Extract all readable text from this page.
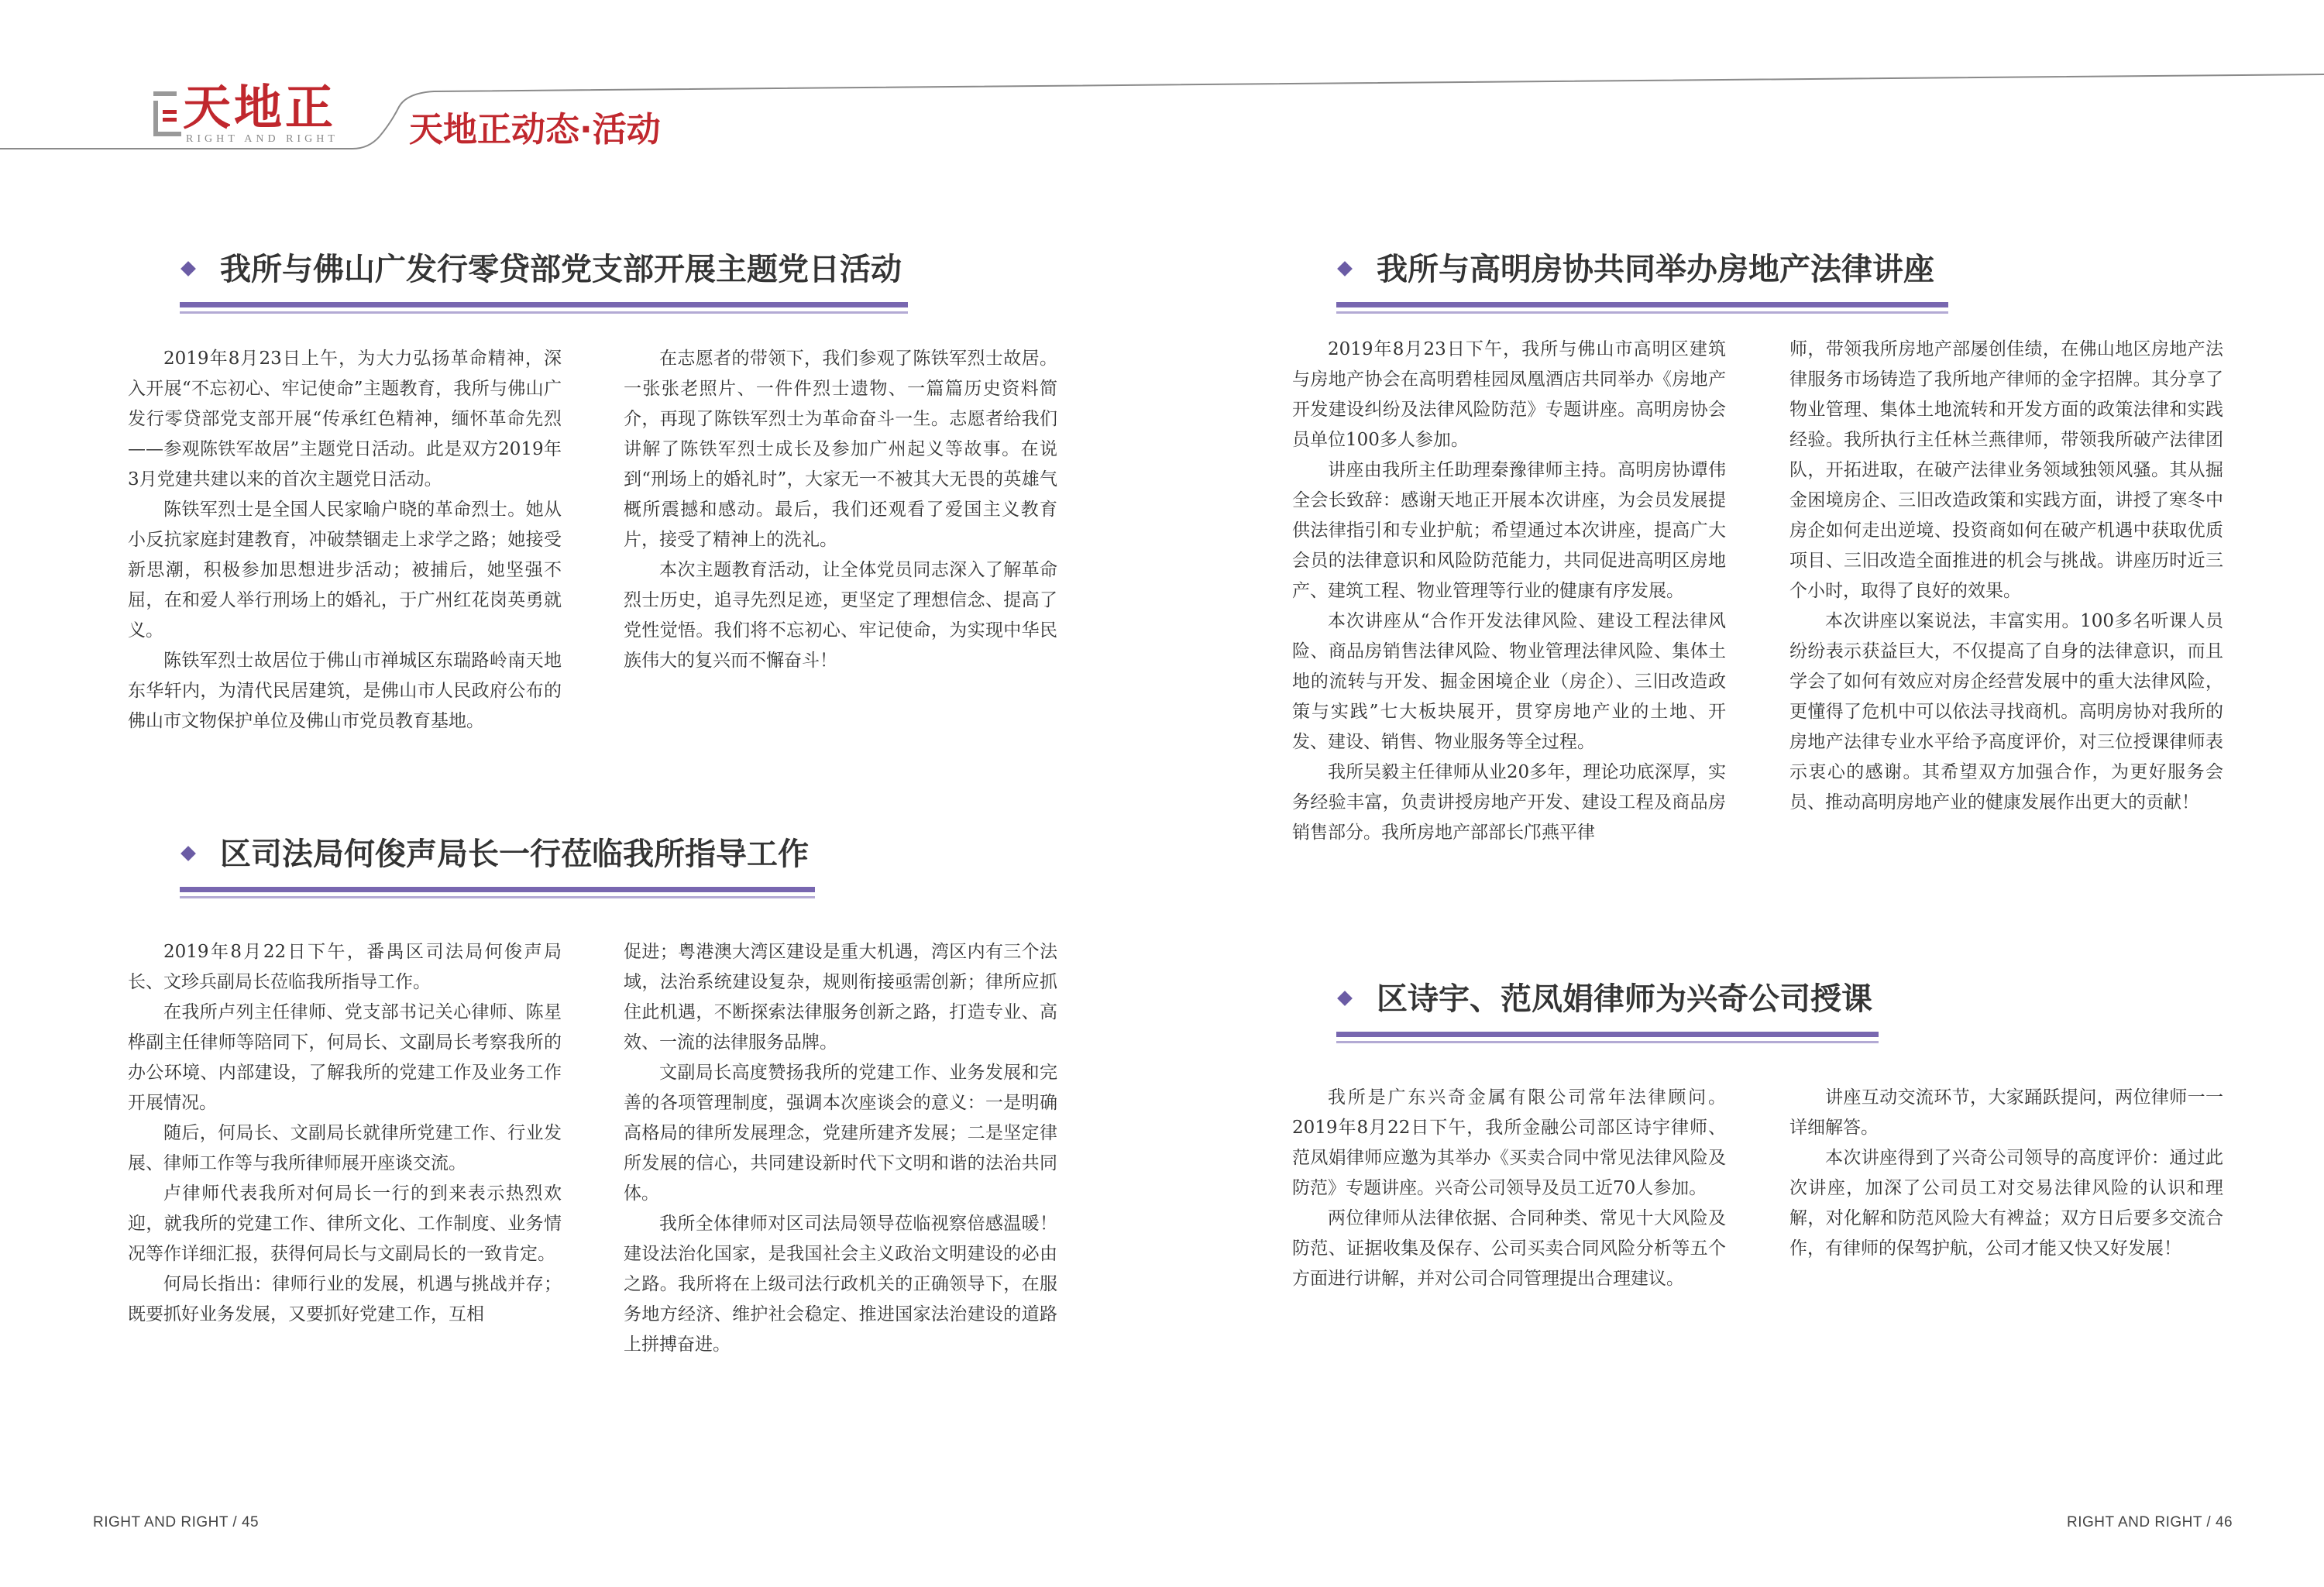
天地正
RIGHT AND RIGHT 天地正动态·活动
我所与佛山广发行零贷部党支部开展主题党日活动

2019年8月23日上午，为大力弘扬革命精神，深入开展“不忘初心、牢记使命”主题教育，我所与佛山广发行零贷部党支部开展“传承红色精神，缅怀革命先烈——参观陈铁军故居”主题党日活动。此是双方2019年3月党建共建以来的首次主题党日活动。

陈铁军烈士是全国人民家喻户晓的革命烈士。她从小反抗家庭封建教育，冲破禁锢走上求学之路；她接受新思潮，积极参加思想进步活动；被捕后，她坚强不屈，在和爱人举行刑场上的婚礼，于广州红花岗英勇就义。

陈铁军烈士故居位于佛山市禅城区东瑞路岭南天地东华轩内，为清代民居建筑，是佛山市人民政府公布的佛山市文物保护单位及佛山市党员教育基地。

在志愿者的带领下，我们参观了陈铁军烈士故居。一张张老照片、一件件烈士遗物、一篇篇历史资料简介，再现了陈铁军烈士为革命奋斗一生。志愿者给我们讲解了陈铁军烈士成长及参加广州起义等故事。在说到“刑场上的婚礼时”，大家无一不被其大无畏的英雄气概所震撼和感动。最后，我们还观看了爱国主义教育片，接受了精神上的洗礼。

本次主题教育活动，让全体党员同志深入了解革命烈士历史，追寻先烈足迹，更坚定了理想信念、提高了党性觉悟。我们将不忘初心、牢记使命，为实现中华民族伟大的复兴而不懈奋斗！

区司法局何俊声局长一行莅临我所指导工作

2019年8月22日下午，番禺区司法局何俊声局长、文珍兵副局长莅临我所指导工作。

在我所卢列主任律师、党支部书记关心律师、陈星桦副主任律师等陪同下，何局长、文副局长考察我所的办公环境、内部建设，了解我所的党建工作及业务工作开展情况。

随后，何局长、文副局长就律所党建工作、行业发展、律师工作等与我所律师展开座谈交流。

卢律师代表我所对何局长一行的到来表示热烈欢迎，就我所的党建工作、律所文化、工作制度、业务情况等作详细汇报，获得何局长与文副局长的一致肯定。

何局长指出：律师行业的发展，机遇与挑战并存；既要抓好业务发展，又要抓好党建工作，互相

促进；粤港澳大湾区建设是重大机遇，湾区内有三个法域，法治系统建设复杂，规则衔接亟需创新；律所应抓住此机遇，不断探索法律服务创新之路，打造专业、高效、一流的法律服务品牌。

文副局长高度赞扬我所的党建工作、业务发展和完善的各项管理制度，强调本次座谈会的意义：一是明确高格局的律所发展理念，党建所建齐发展；二是坚定律所发展的信心，共同建设新时代下文明和谐的法治共同体。

我所全体律师对区司法局领导莅临视察倍感温暖！建设法治化国家，是我国社会主义政治文明建设的必由之路。我所将在上级司法行政机关的正确领导下，在服务地方经济、维护社会稳定、推进国家法治建设的道路上拼搏奋进。

我所与高明房协共同举办房地产法律讲座

2019年8月23日下午，我所与佛山市高明区建筑与房地产协会在高明碧桂园凤凰酒店共同举办《房地产开发建设纠纷及法律风险防范》专题讲座。高明房协会员单位100多人参加。

讲座由我所主任助理秦豫律师主持。高明房协谭伟全会长致辞：感谢天地正开展本次讲座，为会员发展提供法律指引和专业护航；希望通过本次讲座，提高广大会员的法律意识和风险防范能力，共同促进高明区房地产、建筑工程、物业管理等行业的健康有序发展。

本次讲座从“合作开发法律风险、建设工程法律风险、商品房销售法律风险、物业管理法律风险、集体土地的流转与开发、掘金困境企业（房企）、三旧改造政策与实践”七大板块展开，贯穿房地产业的土地、开发、建设、销售、物业服务等全过程。

我所吴毅主任律师从业20多年，理论功底深厚，实务经验丰富，负责讲授房地产开发、建设工程及商品房销售部分。我所房地产部部长邝燕平律

师，带领我所房地产部屡创佳绩，在佛山地区房地产法律服务市场铸造了我所地产律师的金字招牌。其分享了物业管理、集体土地流转和开发方面的政策法律和实践经验。我所执行主任林兰燕律师，带领我所破产法律团队，开拓进取，在破产法律业务领域独领风骚。其从掘金困境房企、三旧改造政策和实践方面，讲授了寒冬中房企如何走出逆境、投资商如何在破产机遇中获取优质项目、三旧改造全面推进的机会与挑战。讲座历时近三个小时，取得了良好的效果。

本次讲座以案说法，丰富实用。100多名听课人员纷纷表示获益巨大，不仅提高了自身的法律意识，而且学会了如何有效应对房企经营发展中的重大法律风险，更懂得了危机中可以依法寻找商机。高明房协对我所的房地产法律专业水平给予高度评价，对三位授课律师表示衷心的感谢。其希望双方加强合作，为更好服务会员、推动高明房地产业的健康发展作出更大的贡献！

区诗宇、范凤娟律师为兴奇公司授课

我所是广东兴奇金属有限公司常年法律顾问。2019年8月22日下午，我所金融公司部区诗宇律师、范凤娟律师应邀为其举办《买卖合同中常见法律风险及防范》专题讲座。兴奇公司领导及员工近70人参加。

两位律师从法律依据、合同种类、常见十大风险及防范、证据收集及保存、公司买卖合同风险分析等五个方面进行讲解，并对公司合同管理提出合理建议。

讲座互动交流环节，大家踊跃提问，两位律师一一详细解答。

本次讲座得到了兴奇公司领导的高度评价：通过此次讲座，加深了公司员工对交易法律风险的认识和理解，对化解和防范风险大有裨益；双方日后要多交流合作，有律师的保驾护航，公司才能又快又好发展！

RIGHT AND RIGHT / 45	RIGHT AND RIGHT / 46
